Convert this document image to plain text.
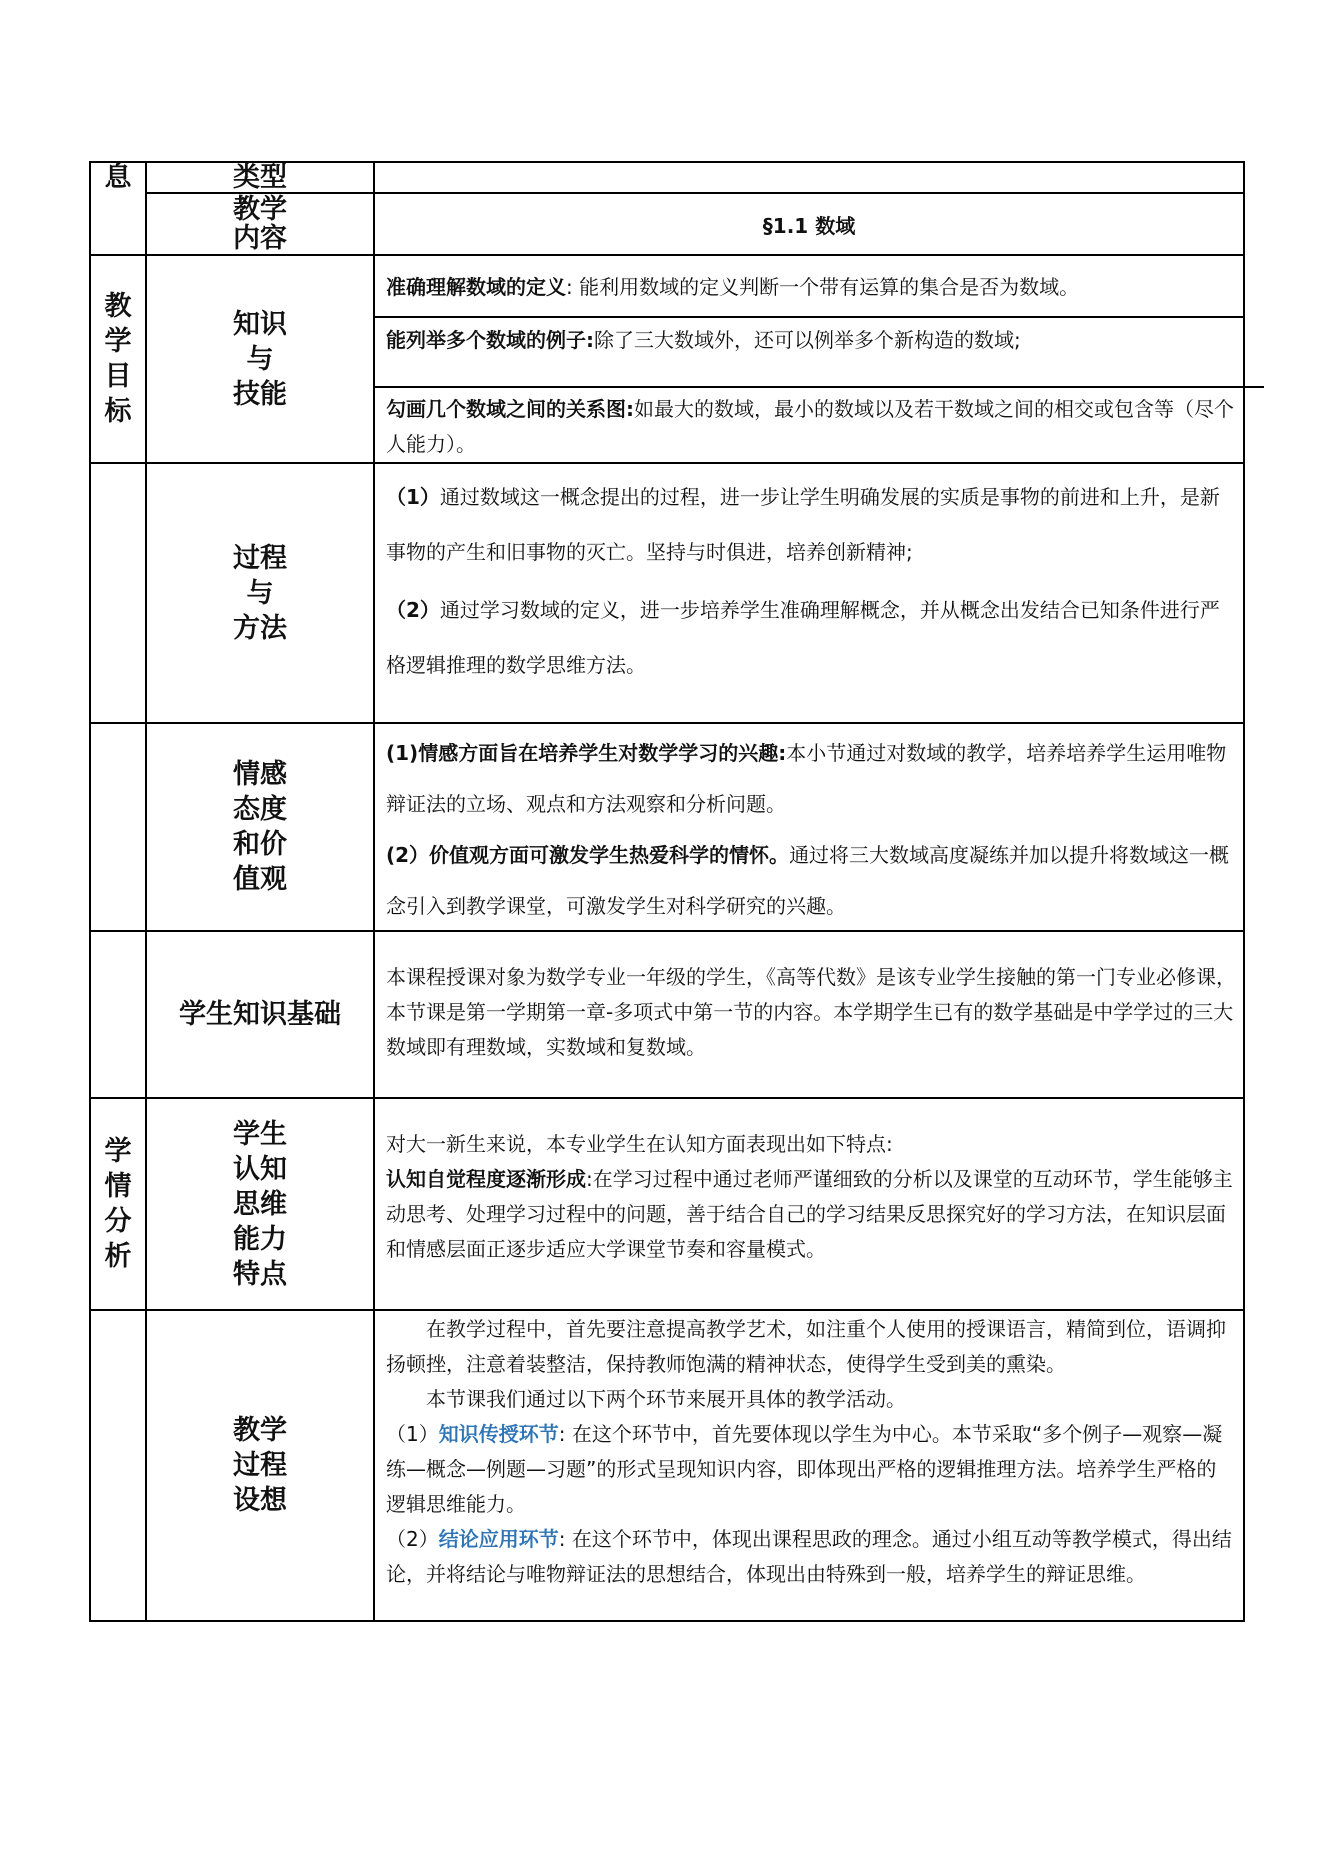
息	类型
教学
内容	§1.1 数域
教
学
目
标
知识
与
技能
准确理解数域的定义: 能利用数域的定义判断一个带有运算的集合是否为数域。
能列举多个数域的例子:除了三大数域外，还可以例举多个新构造的数域;
勾画几个数域之间的关系图:如最大的数域，最小的数域以及若干数域之间的相交或包含等（尽个人能力）。
过程
与
方法
（1）通过数域这一概念提出的过程，进一步让学生明确发展的实质是事物的前进和上升，是新事物的产生和旧事物的灭亡。坚持与时俱进，培养创新精神;
（2）通过学习数域的定义，进一步培养学生准确理解概念，并从概念出发结合已知条件进行严格逻辑推理的数学思维方法。
情感
态度
和价
值观
(1)情感方面旨在培养学生对数学学习的兴趣:本小节通过对数域的教学，培养培养学生运用唯物辩证法的立场、观点和方法观察和分析问题。
(2）价值观方面可激发学生热爱科学的情怀。通过将三大数域高度凝练并加以提升将数域这一概念引入到教学课堂，可激发学生对科学研究的兴趣。
学生知识基础
本课程授课对象为数学专业一年级的学生，《高等代数》是该专业学生接触的第一门专业必修课，本节课是第一学期第一章-多项式中第一节的内容。本学期学生已有的数学基础是中学学过的三大数域即有理数域，实数域和复数域。
学
情
分
析
学生
认知
思维
能力
特点
对大一新生来说，本专业学生在认知方面表现出如下特点:
认知自觉程度逐渐形成:在学习过程中通过老师严谨细致的分析以及课堂的互动环节，学生能够主动思考、处理学习过程中的问题，善于结合自己的学习结果反思探究好的学习方法，在知识层面和情感层面正逐步适应大学课堂节奏和容量模式。
教学
过程
设想
在教学过程中，首先要注意提高教学艺术，如注重个人使用的授课语言，精简到位，语调抑扬顿挫，注意着装整洁，保持教师饱满的精神状态，使得学生受到美的熏染。
本节课我们通过以下两个环节来展开具体的教学活动。
（1）知识传授环节: 在这个环节中，首先要体现以学生为中心。本节采取“多个例子—观察—凝练—概念—例题—习题”的形式呈现知识内容，即体现出严格的逻辑推理方法。培养学生严格的逻辑思维能力。
（2）结论应用环节: 在这个环节中，体现出课程思政的理念。通过小组互动等教学模式，得出结论，并将结论与唯物辩证法的思想结合，体现出由特殊到一般，培养学生的辩证思维。
